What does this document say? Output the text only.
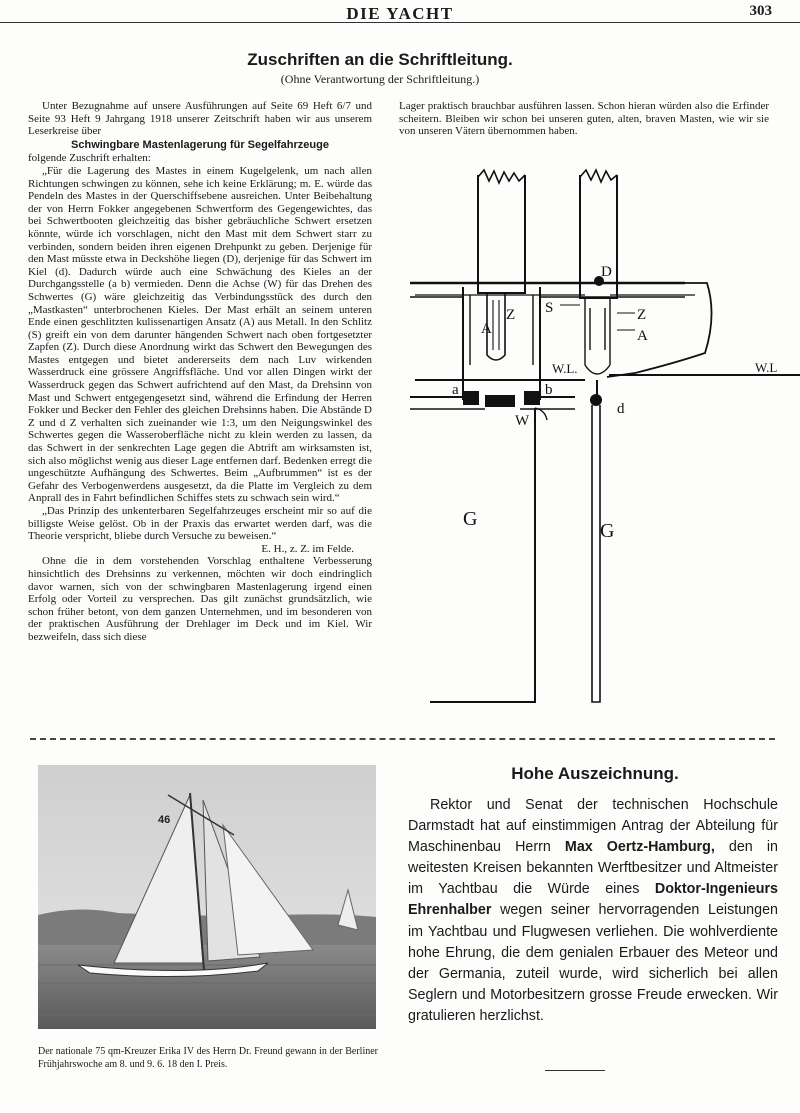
DIE YACHT	303
Zuschriften an die Schriftleitung.
(Ohne Verantwortung der Schriftleitung.)

Unter Bezugnahme auf unsere Ausführungen auf Seite 69 Heft 6/7 und Seite 93 Heft 9 Jahrgang 1918 unserer Zeitschrift haben wir aus unserem Leserkreise über

Schwingbare Mastenlagerung für Segelfahrzeuge

folgende Zuschrift erhalten:

„Für die Lagerung des Mastes in einem Kugelgelenk, um nach allen Richtungen schwingen zu können, sehe ich keine Erklärung; m. E. würde das Pendeln des Mastes in der Querschiffsebene ausreichen. Unter Beibehaltung der von Herrn Fokker angegebenen Schwertform des Gegengewichtes, das bei Schwertbooten gleichzeitig das bisher gebräuchliche Schwert ersetzen könnte, würde ich vorschlagen, nicht den Mast mit dem Schwert starr zu verbinden, sondern beiden ihren eigenen Drehpunkt zu geben. Derjenige für den Mast müsste etwa in Deckshöhe liegen (D), derjenige für das Schwert im Kiel (d). Dadurch würde auch eine Schwächung des Kieles an der Durchgangsstelle (a b) vermieden. Denn die Achse (W) für das Drehen des Schwertes (G) wäre gleichzeitig das Verbindungsstück des durch den „Mastkasten“ unterbrochenen Kieles. Der Mast erhält an seinem unteren Ende einen geschlitzten kulissenartigen Ansatz (A) aus Metall. In den Schlitz (S) greift ein von dem darunter hängenden Schwert nach oben fortgesetzter Zapfen (Z). Durch diese Anordnung wirkt das Schwert den Bewegungen des Mastes entgegen und bietet andererseits dem nach Luv wirkenden Wasserdruck eine grössere Angriffsfläche. Und vor allen Dingen wirkt der Wasserdruck gegen das Schwert aufrichtend auf den Mast, da Drehsinn von Mast und Schwert entgegengesetzt sind, während die Erfindung der Herren Fokker und Becker den Fehler des gleichen Drehsinns haben. Die Abstände D Z und d Z verhalten sich zueinander wie 1:3, um den Neigungswinkel des Schwertes gegen die Wasseroberfläche nicht zu klein werden zu lassen, da das Schwert in der senkrechten Lage gegen die Abtrift am wirksamsten ist, sich also möglichst wenig aus dieser Lage entfernen darf. Bedenken erregt die ungeschützte Aufhängung des Schwertes. Beim „Aufbrummen“ ist es der Gefahr des Verbogenwerdens ausgesetzt, da die Platte im Vergleich zu dem Anprall des in Fahrt befindlichen Schiffes stets zu schwach sein wird.“

„Das Prinzip des unkenterbaren Segelfahrzeuges erscheint mir so auf die billigste Weise gelöst. Ob in der Praxis das erwartet werden darf, was die Theorie verspricht, bliebe durch Versuche zu beweisen.“

E. H., z. Z. im Felde.

Ohne die in dem vorstehenden Vorschlag enthaltene Verbesserung hinsichtlich des Drehsinns zu verkennen, möchten wir doch eindringlich davor warnen, sich von der schwingbaren Mastenlagerung irgend einen Erfolg oder Vorteil zu versprechen. Das gilt zunächst grundsätzlich, wie schon früher betont, von dem ganzen Unternehmen, und im besonderen von der praktischen Ausführung der Drehlager im Deck und im Kiel. Wir bezweifeln, dass sich diese

Lager praktisch brauchbar ausführen lassen. Schon hieran würden also die Erfinder scheitern. Bleiben wir schon bei unseren guten, alten, braven Masten, wie wir sie von unseren Vätern übernommen haben.

Z
A
a	b
W
G
D
S	Z
A
W.L.	W.L
d
G
46
Der nationale 75 qm-Kreuzer Erika IV des Herrn Dr. Freund gewann in der Berliner Frühjahrswoche am 8. und 9. 6. 18 den I. Preis.
Hohe Auszeichnung.

Rektor und Senat der technischen Hochschule Darmstadt hat auf einstimmigen Antrag der Abteilung für Maschinenbau Herrn Max Oertz-Hamburg, den in weitesten Kreisen bekannten Werftbesitzer und Altmeister im Yachtbau die Würde eines Doktor-Ingenieurs Ehrenhalber wegen seiner hervorragenden Leistungen im Yachtbau und Flugwesen verliehen. Die wohlverdiente hohe Ehrung, die dem genialen Erbauer des Meteor und der Germania, zuteil wurde, wird sicherlich bei allen Seglern und Motorbesitzern grosse Freude erwecken. Wir gratulieren herzlichst.
